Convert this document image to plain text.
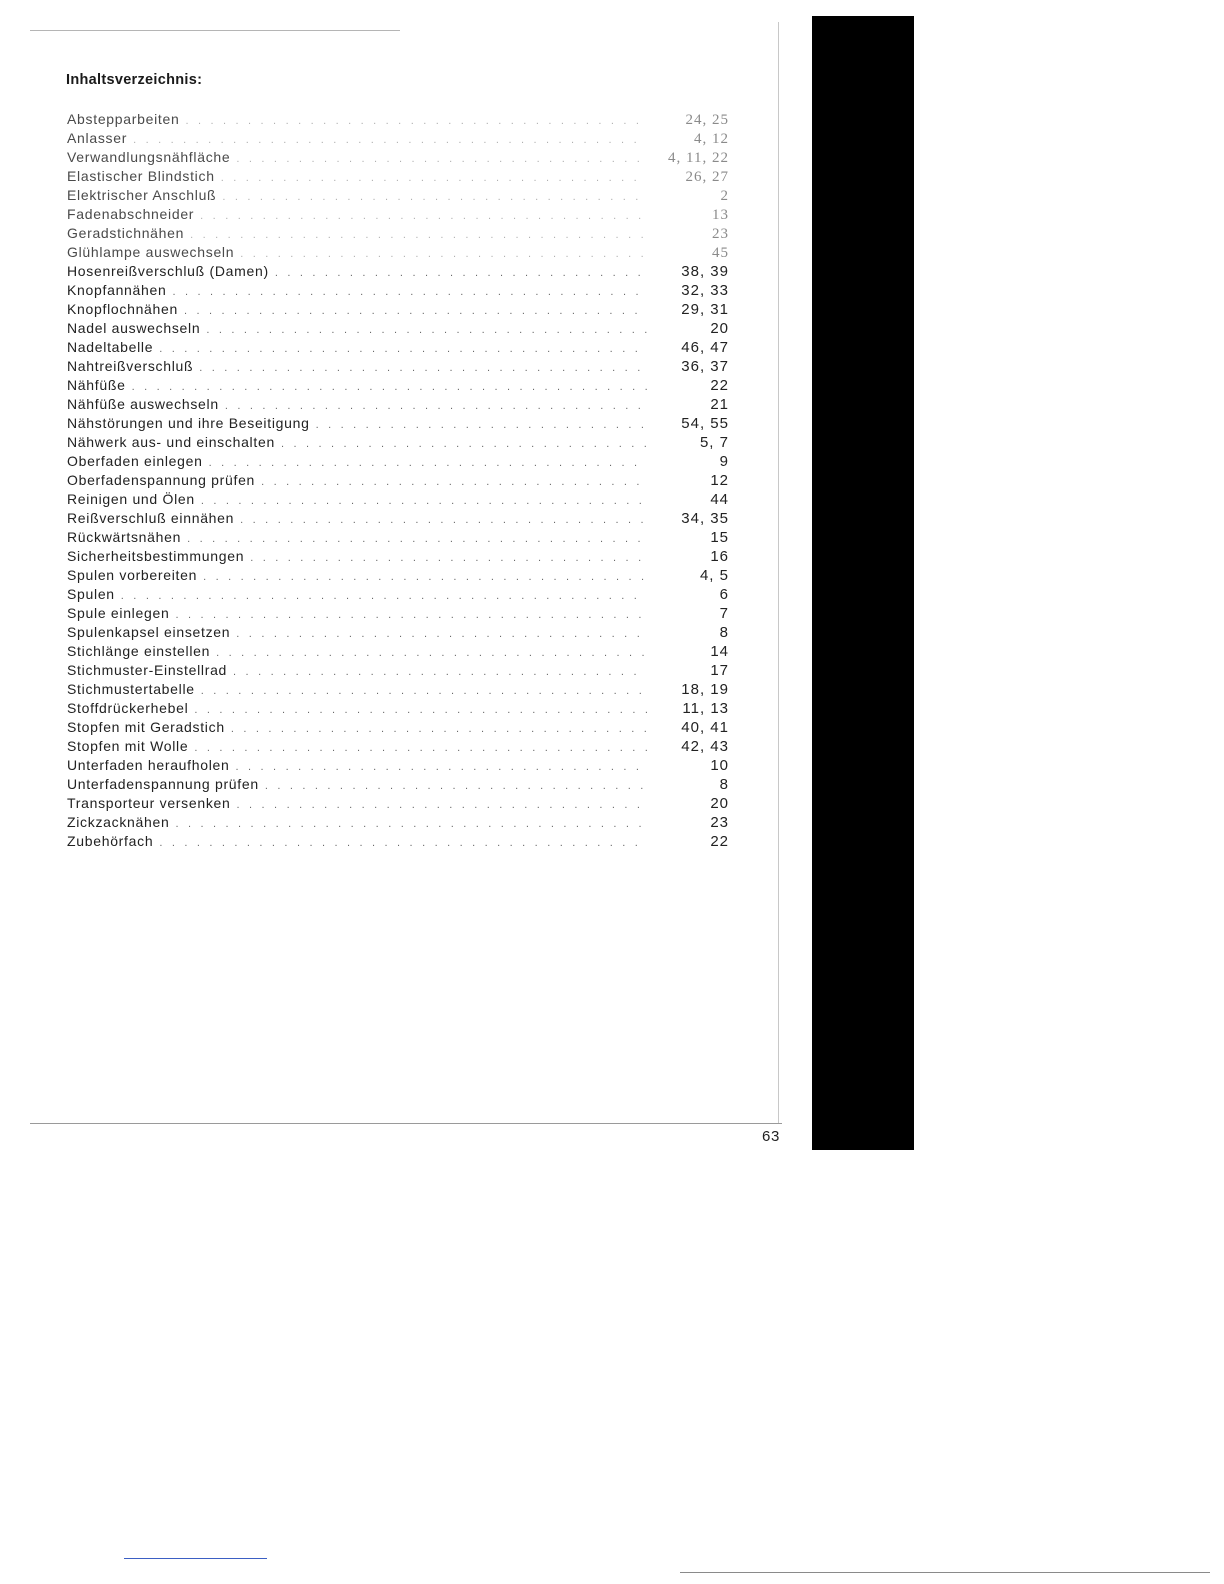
Inhaltsverzeichnis:
Abstepparbeiten . . .	24, 25
Anlasser . . .	4, 12
Verwandlungsnähfläche . . .	4, 11, 22
Elastischer Blindstich . . .	26, 27
Elektrischer Anschluß . . .	2
Fadenabschneider . . .	13
Geradstichnähen . . .	23
Glühlampe auswechseln . . .	45
Hosenreißverschluß (Damen) . . .	38, 39
Knopfannähen . . .	32, 33
Knopflochnähen . . .	29, 31
Nadel auswechseln . . .	20
Nadeltabelle . . .	46, 47
Nahtreißverschluß . . .	36, 37
Nähfüße . . .	22
Nähfüße auswechseln . . .	21
Nähstörungen und ihre Beseitigung . . .	54, 55
Nähwerk aus- und einschalten . . .	5, 7
Oberfaden einlegen . . .	9
Oberfadenspannung prüfen . . .	12
Reinigen und Ölen . . .	44
Reißverschluß einnähen . . .	34, 35
Rückwärtsnähen . . .	15
Sicherheitsbestimmungen . . .	16
Spulen vorbereiten . . .	4, 5
Spulen . . .	6
Spule einlegen . . .	7
Spulenkapsel einsetzen . . .	8
Stichlänge einstellen . . .	14
Stichmuster-Einstellrad . . .	17
Stichmustertabelle . . .	18, 19
Stoffdrückerhebel . . .	11, 13
Stopfen mit Geradstich . . .	40, 41
Stopfen mit Wolle . . .	42, 43
Unterfaden heraufholen . . .	10
Unterfadenspannung prüfen . . .	8
Transporteur versenken . . .	20
Zickzacknähen . . .	23
Zubehörfach . . .	22

63
